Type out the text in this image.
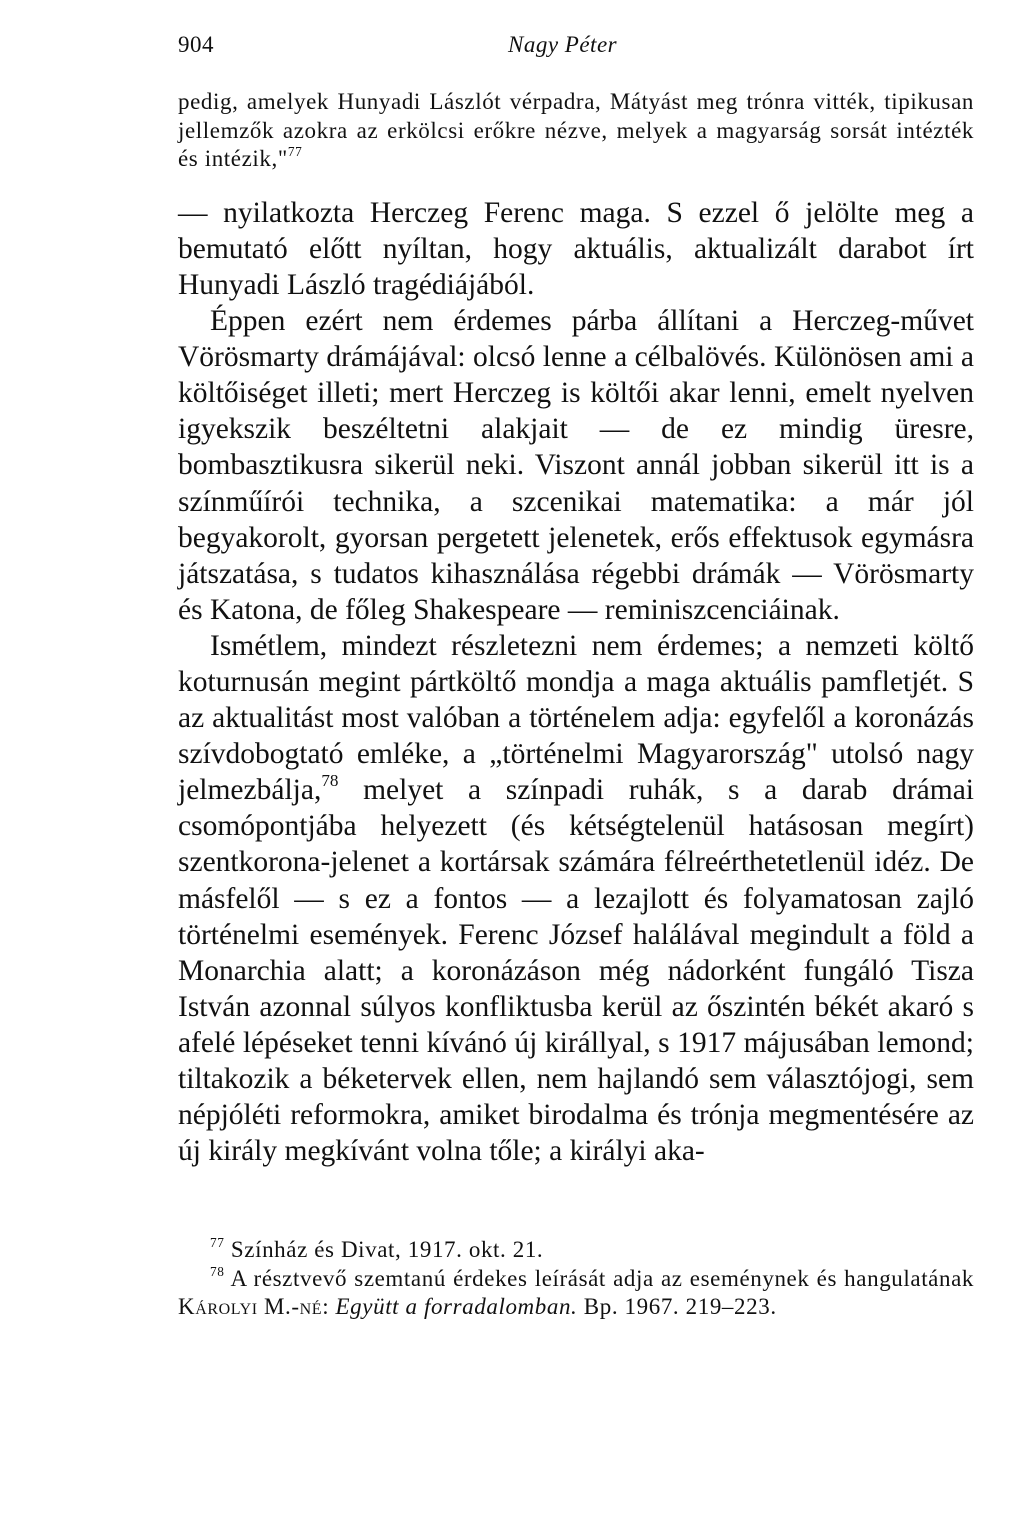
904	Nagy Péter

pedig, amelyek Hunyadi Lászlót vérpadra, Mátyást meg trónra vitték, tipikusan jellemzők azokra az erkölcsi erőkre nézve, melyek a magyarság sorsát intézték és intézik,"$^{77}$

— nyilatkozta Herczeg Ferenc maga. S ezzel ő jelölte meg a bemutató előtt nyíltan, hogy aktuális, aktualizált darabot írt Hunyadi László tragédiájából.

Éppen ezért nem érdemes párba állítani a Herczeg-művet Vörösmarty drámájával: olcsó lenne a célbalövés. Különösen ami a költőiséget illeti; mert Herczeg is költői akar lenni, emelt nyelven igyekszik beszéltetni alakjait — de ez mindig üresre, bombasztikusra sikerül neki. Viszont annál jobban sikerül itt is a színműírói technika, a szcenikai matematika: a már jól begyakorolt, gyorsan pergetett jelenetek, erős effektusok egymásra játszatása, s tudatos kihasználása régebbi drámák — Vörösmarty és Katona, de főleg Shakespeare — reminiszcenciáinak.

Ismétlem, mindezt részletezni nem érdemes; a nemzeti költő koturnusán megint pártköltő mondja a maga aktuális pamfletjét. S az aktualitást most valóban a történelem adja: egyfelől a koronázás szívdobogtató emléke, a „történelmi Magyarország" utolsó nagy jelmezbálja,$^{78}$ melyet a színpadi ruhák, s a darab drámai csomópontjába helyezett (és kétségtelenül hatásosan megírt) szentkorona-jelenet a kortársak számára félreérthetetlenül idéz. De másfelől — s ez a fontos — a lezajlott és folyamatosan zajló történelmi események. Ferenc József halálával megindult a föld a Monarchia alatt; a koronázáson még nádorként fungáló Tisza István azonnal súlyos konfliktusba kerül az őszintén békét akaró s afelé lépéseket tenni kívánó új királlyal, s 1917 májusában lemond; tiltakozik a béketervek ellen, nem hajlandó sem választójogi, sem népjóléti reformokra, amiket birodalma és trónja megmentésére az új király megkívánt volna tőle; a királyi aka-

$^{77}$ Színház és Divat, 1917. okt. 21.

$^{78}$ A résztvevő szemtanú érdekes leírását adja az eseménynek és hangulatának Károlyi M.-né: Együtt a forradalomban. Bp. 1967. 219–223.
